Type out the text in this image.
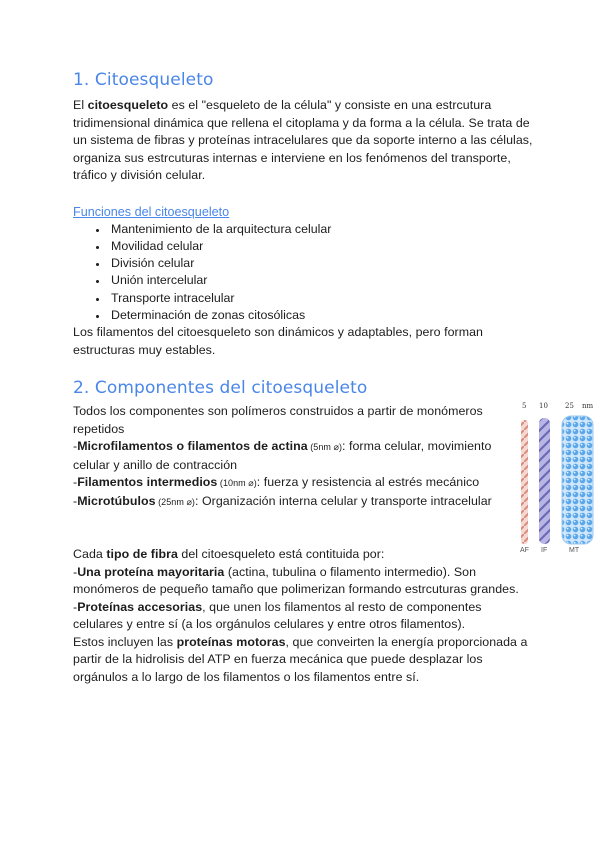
1. Citoesqueleto

El citoesqueleto es el "esqueleto de la célula" y consiste en una estrcutura tridimensional dinámica que rellena el citoplama y da forma a la célula. Se trata de un sistema de fibras y proteínas intracelulares que da soporte interno a las células, organiza sus estrcuturas internas e interviene en los fenómenos del transporte, tráfico y división celular.

Funciones del citoesqueleto
• Mantenimiento de la arquitectura celular
• Movilidad celular
• División celular
• Unión intercelular
• Transporte intracelular
• Determinación de zonas citosólicas

Los filamentos del citoesqueleto son dinámicos y adaptables, pero forman estructuras muy estables.

2. Componentes del citoesqueleto

Todos los componentes son polímeros construidos a partir de monómeros repetidos

-Microfilamentos o filamentos de actina (5nm ⌀): forma celular, movimiento celular y anillo de contracción

-Filamentos intermedios (10nm ⌀): fuerza y resistencia al estrés mecánico

-Microtúbulos (25nm ⌀): Organización interna celular y transporte intracelular

Cada tipo de fibra del citoesqueleto está contituida por:

-Una proteína mayoritaria (actina, tubulina o filamento intermedio). Son monómeros de pequeño tamaño que polimerizan formando estrcuturas grandes.

-Proteínas accesorias, que unen los filamentos al resto de componentes celulares y entre sí (a los orgánulos celulares y entre otros filamentos).

Estos incluyen las proteínas motoras, que conveirten la energía proporcionada a partir de la hidrolisis del ATP en fuerza mecánica que puede desplazar los orgánulos a lo largo de los filamentos o los filamentos entre sí.

5 10 25 nm
AF IF	MT
